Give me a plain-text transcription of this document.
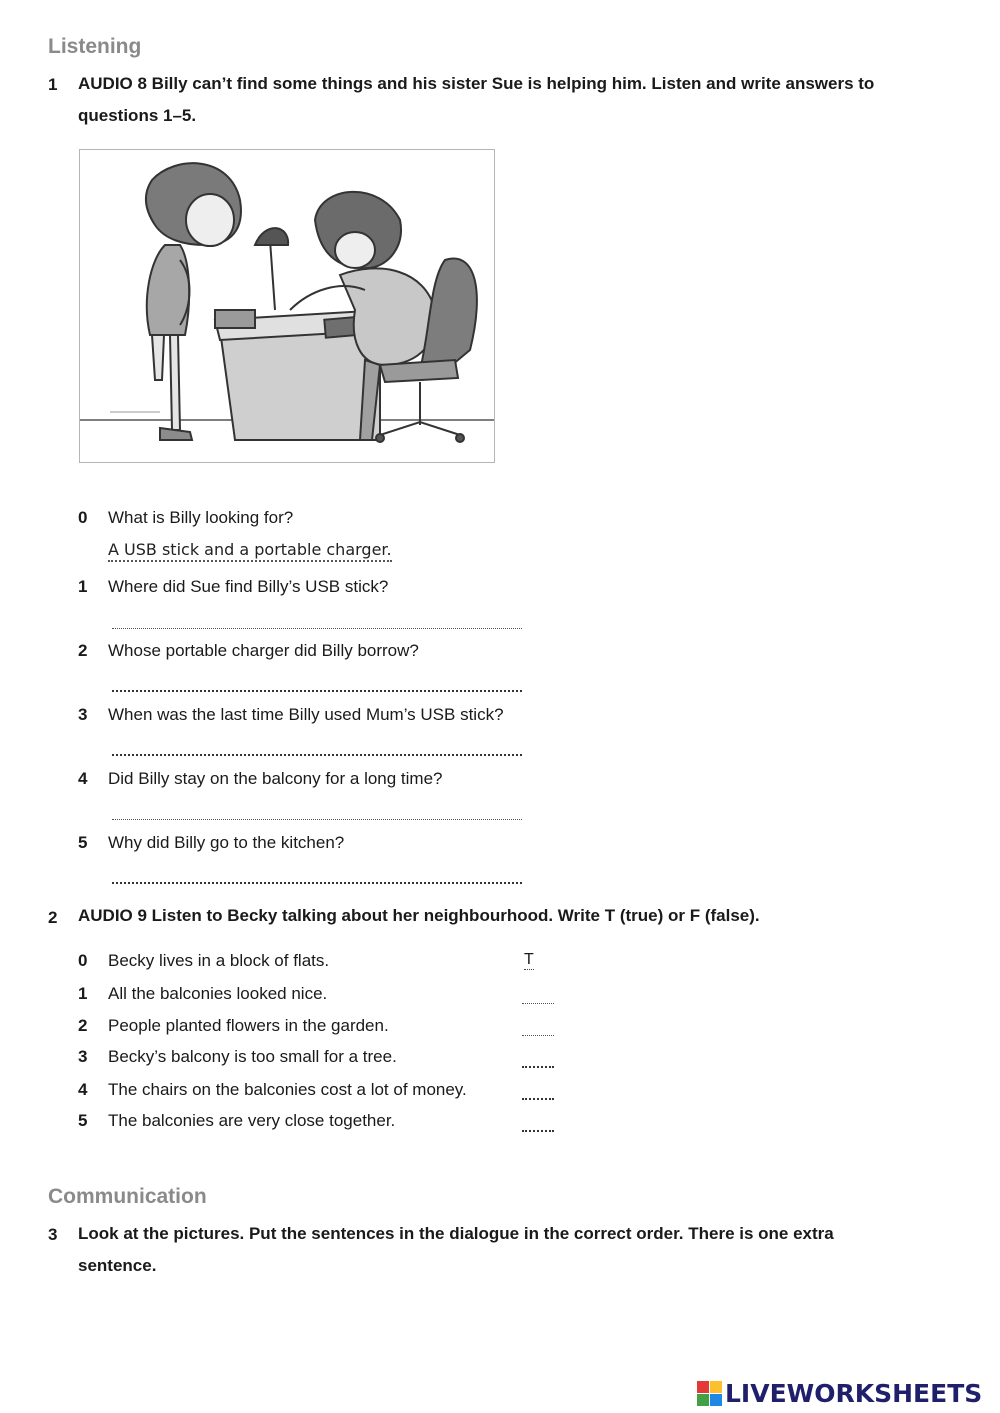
Listening
1 AUDIO 8 Billy can’t find some things and his sister Sue is helping him. Listen and write answers to
questions 1–5.
0 What is Billy looking for?
A USB stick and a portable charger.
1 Where did Sue find Billy’s USB stick?
2 Whose portable charger did Billy borrow?
3 When was the last time Billy used Mum’s USB stick?
4 Did Billy stay on the balcony for a long time?
5 Why did Billy go to the kitchen?
2 AUDIO 9 Listen to Becky talking about her neighbourhood. Write T (true) or F (false).
0 Becky lives in a block of flats.	T
1 All the balconies looked nice.
2 People planted flowers in the garden.
3 Becky’s balcony is too small for a tree.
4 The chairs on the balconies cost a lot of money.
5 The balconies are very close together.
Communication
3 Look at the pictures. Put the sentences in the dialogue in the correct order. There is one extra
sentence.
LIVEWORKSHEETS
